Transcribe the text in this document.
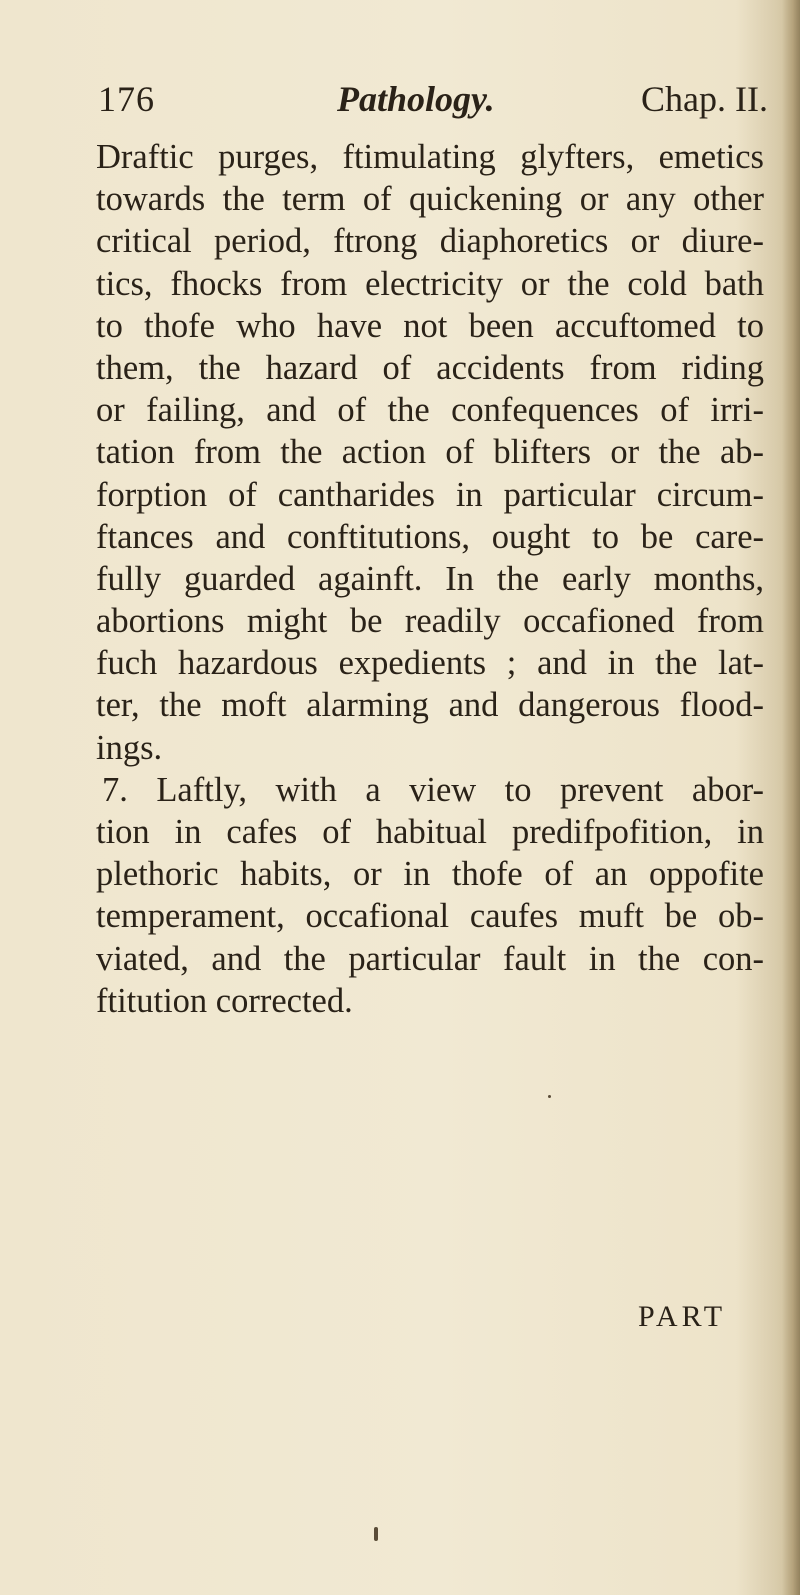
176	Pathology.	Chap. II.
Draftic purges, ftimulating glyfters, emetics
towards the term of quickening or any other
critical period, ftrong diaphoretics or diure-
tics, fhocks from electricity or the cold bath
to thofe who have not been accuftomed to
them, the hazard of accidents from riding
or failing, and of the confequences of irri-
tation from the action of blifters or the ab-
forption of cantharides in particular circum-
ftances and conftitutions, ought to be care-
fully guarded againft. In the early months,
abortions might be readily occafioned from
fuch hazardous expedients ; and in the lat-
ter, the moft alarming and dangerous flood-
ings.
7. Laftly, with a view to prevent abor-
tion in cafes of habitual predifpofition, in
plethoric habits, or in thofe of an oppofite
temperament, occafional caufes muft be ob-
viated, and the particular fault in the con-
ftitution corrected.
PART
